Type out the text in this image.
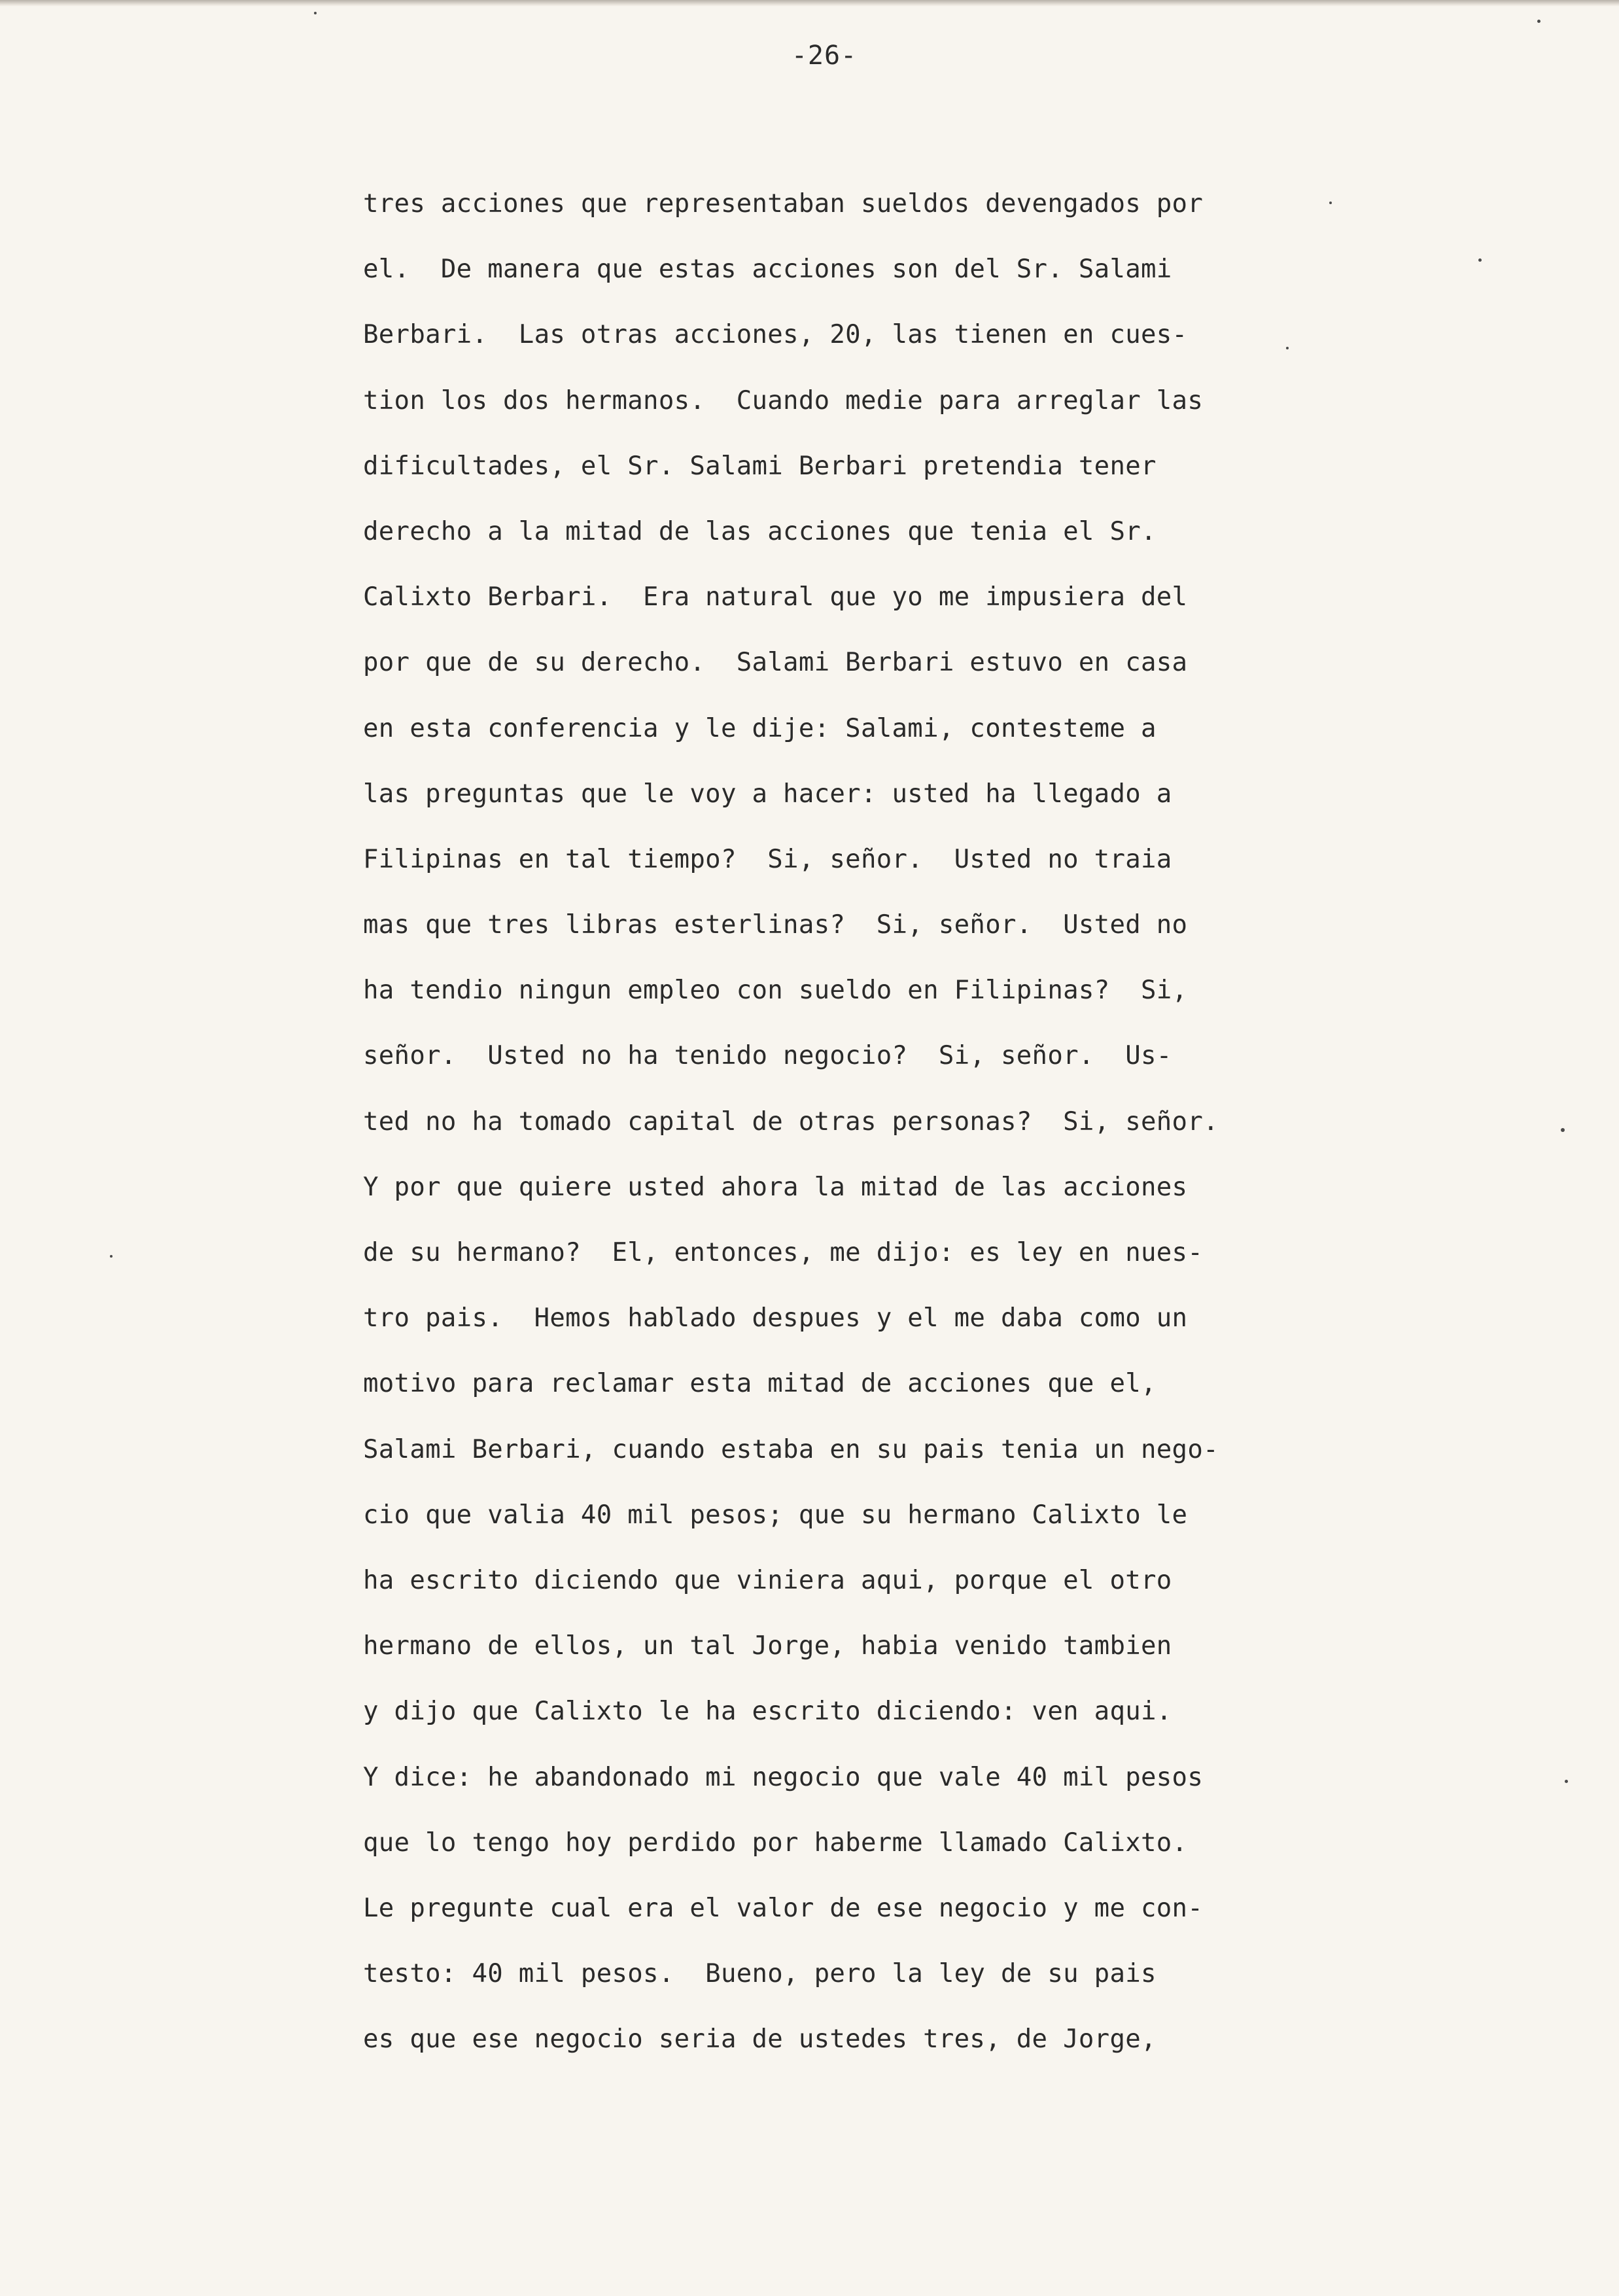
-26-
tres acciones que representaban sueldos devengados por
el.  De manera que estas acciones son del Sr. Salami
Berbari.  Las otras acciones, 20, las tienen en cues-
tion los dos hermanos.  Cuando medie para arreglar las
dificultades, el Sr. Salami Berbari pretendia tener
derecho a la mitad de las acciones que tenia el Sr.
Calixto Berbari.  Era natural que yo me impusiera del
por que de su derecho.  Salami Berbari estuvo en casa
en esta conferencia y le dije: Salami, contesteme a
las preguntas que le voy a hacer: usted ha llegado a
Filipinas en tal tiempo?  Si, señor.  Usted no traia
mas que tres libras esterlinas?  Si, señor.  Usted no
ha tendio ningun empleo con sueldo en Filipinas?  Si,
señor.  Usted no ha tenido negocio?  Si, señor.  Us-
ted no ha tomado capital de otras personas?  Si, señor.
Y por que quiere usted ahora la mitad de las acciones
de su hermano?  El, entonces, me dijo: es ley en nues-
tro pais.  Hemos hablado despues y el me daba como un
motivo para reclamar esta mitad de acciones que el,
Salami Berbari, cuando estaba en su pais tenia un nego-
cio que valia 40 mil pesos; que su hermano Calixto le
ha escrito diciendo que viniera aqui, porque el otro
hermano de ellos, un tal Jorge, habia venido tambien
y dijo que Calixto le ha escrito diciendo: ven aqui.
Y dice: he abandonado mi negocio que vale 40 mil pesos
que lo tengo hoy perdido por haberme llamado Calixto.
Le pregunte cual era el valor de ese negocio y me con-
testo: 40 mil pesos.  Bueno, pero la ley de su pais
es que ese negocio seria de ustedes tres, de Jorge,
